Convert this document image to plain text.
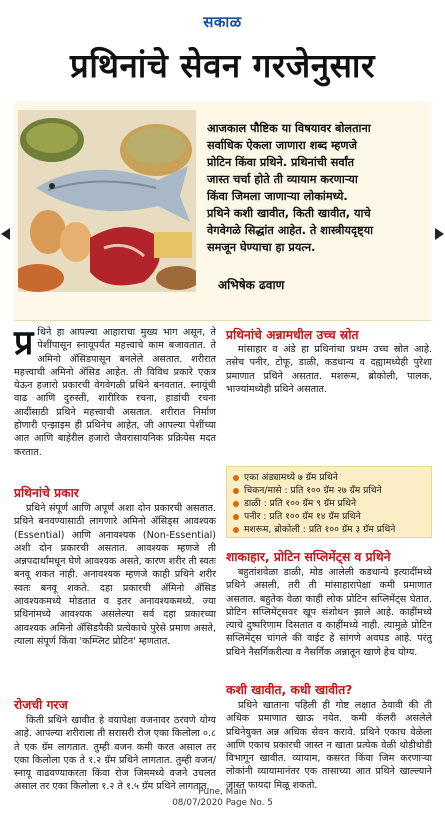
सकाळ
प्रथिनांचे सेवन गरजेनुसार

आजकाल पौष्टिक या विषयावर बोलताना

सर्वाधिक ऐकला जाणारा शब्द म्हणजे

प्रोटिन किंवा प्रथिने. प्रथिनांची सर्वांत

जास्त चर्चा होते ती व्यायाम करणाऱ्या

किंवा जिमला जाणाऱ्या लोकांमध्ये.

प्रथिने कशी खावीत, किती खावीत, याचे

वेगवेगळे सिद्धांत आहेत. ते शास्त्रीयदृष्ट्या

समजून घेण्याचा हा प्रयत्न.

अभिषेक ढवाण

प्र थिने हा आपल्या आहाराचा मुख्य भाग असून, ते पेशींपासून स्नायूपर्यंत महत्त्वाचे काम बजावतात. ते अमिनो ॲसिडपासून बनलेले असतात. शरीरात महत्त्वाची अमिनो ॲसिड आहेत. ती विविध प्रकारे एकत्र येऊन हजारो प्रकारची वेगवेगळी प्रथिने बनवतात. स्नायूंची वाढ आणि दुरुस्ती, शारीरिक रचना, हाडांची रचना आदींसाठी प्रथिने महत्त्वाची असतात. शरीरात निर्माण होणारी एन्झाइम ही प्रथिनेच आहेत, जी आपल्या पेशींच्या आत आणि बाहेरील हजारो जैवरासायनिक प्रक्रियेस मदत करतात.

प्रथिनांचे प्रकार

प्रथिने संपूर्ण आणि अपूर्ण अशा दोन प्रकारची असतात. प्रथिने बनवण्यासाठी लागणारे अमिनो ॲसिड्स आवश्यक (Essential) आणि अनावश्यक (Non-Essential) अशी दोन प्रकारची असतात. आवश्यक म्हणजे ती अन्नपदार्थांमधून घेणे आवश्यक असते, कारण शरीर ती स्वतः बनवू शकत नाही. अनावश्यक म्हणजे काही प्रथिने शरीर स्वतः बनवू शकते. दहा प्रकारची ॲमिनो ॲसिड आवश्यकमध्ये मोडतात व इतर अनावश्यकमध्ये. ज्या प्रथिनांमध्ये आवश्यक असलेल्या सर्व दहा प्रकारच्या आवश्यक अमिनो ॲसिडपैकी प्रत्येकाचे पुरेसे प्रमाण असते, त्याला संपूर्ण किंवा 'कम्प्लिट प्रोटिन' म्हणतात.

रोजची गरज

किती प्रथिने खावीत हे वयापेक्षा वजनावर ठरवणे योग्य आहे. आपल्या शरीराला ती सरासरी रोज एका किलोला ०.८ ते एक ग्रॅम लागतात. तुम्ही वजन कमी करत असाल तर एका किलोला एक ते १.२ ग्रॅम प्रथिने लागतात. तुम्ही वजन/स्नायू वाढवण्याकरता किंवा रोज जिममध्ये वजने उचलत असाल तर एका किलोला १.२ ते १.५ ग्रॅम प्रथिने लागतात.

प्रथिनांचे अन्नामधील उच्च स्रोत

मांसाहार व अंडे हा प्रथिनांचा प्रथम उच्च स्रोत आहे. तसेच पनीर, टोफू, डाळी, कडधान्य व दह्यामध्येही पुरेशा प्रमाणात प्रथिने असतात. मशरूम, ब्रोकोली, पालक, भाज्यांमध्येही प्रथिने असतात.

एका अंड्यामध्ये ७ ग्रॅम प्रथिने
चिकन/मासे : प्रति १०० ग्रॅम २७ ग्रॅम प्रथिने
डाळी : प्रति १०० ग्रॅम ९ ग्रॅम प्रथिने
पनीर : प्रति १०० ग्रॅम १४ ग्रॅम प्रथिने
मशरूम, ब्रोकोली : प्रति १०० ग्रॅम ३ ग्रॅम प्रथिने
शाकाहार, प्रोटिन सप्लिमेंट्स व प्रथिने

बहुतांशवेळा डाळी, मोड आलेली कडधान्ये इत्यादींमध्ये प्रथिने असली, तरी ती मांसाहारापेक्षा कमी प्रमाणात असतात. बहुतेक वेळा काही लोक प्रोटिन सप्लिमेंट्स घेतात. प्रोटिन सप्लिमेंट्सवर खूप संशोधन झाले आहे. काहींमध्ये त्याचे दुष्परिणाम दिसतात व काहींमध्ये नाही. त्यामुळे प्रोटिन सप्लिमेंट्स चांगले की वाईट हे सांगणे अवघड आहे. परंतु प्रथिने नैसर्गिकरीत्या व नैसर्गिक अन्नातून खाणे हेच योग्य.

कशी खावीत, कधी खावीत?

प्रथिने खाताना पहिली ही गोष्ट लक्षात ठेवावी की ती अधिक प्रमाणात खाऊ नयेत. कमी कॅलरी असलेले प्रथिनेयुक्त अन्न अधिक सेवन करावे. प्रथिने एकाच वेळेला आणि एकाच प्रकारची जास्त न खाता प्रत्येक वेळी थोडीथोडी विभागून खावीत. व्यायाम, कसरत किंवा जिम करणाऱ्या लोकांनी व्यायामानंतर एक तासाच्या आत प्रथिने खाल्ल्याने जास्त फायदा मिळू शकतो.

Pune, Main
08/07/2020 Page No. 5
